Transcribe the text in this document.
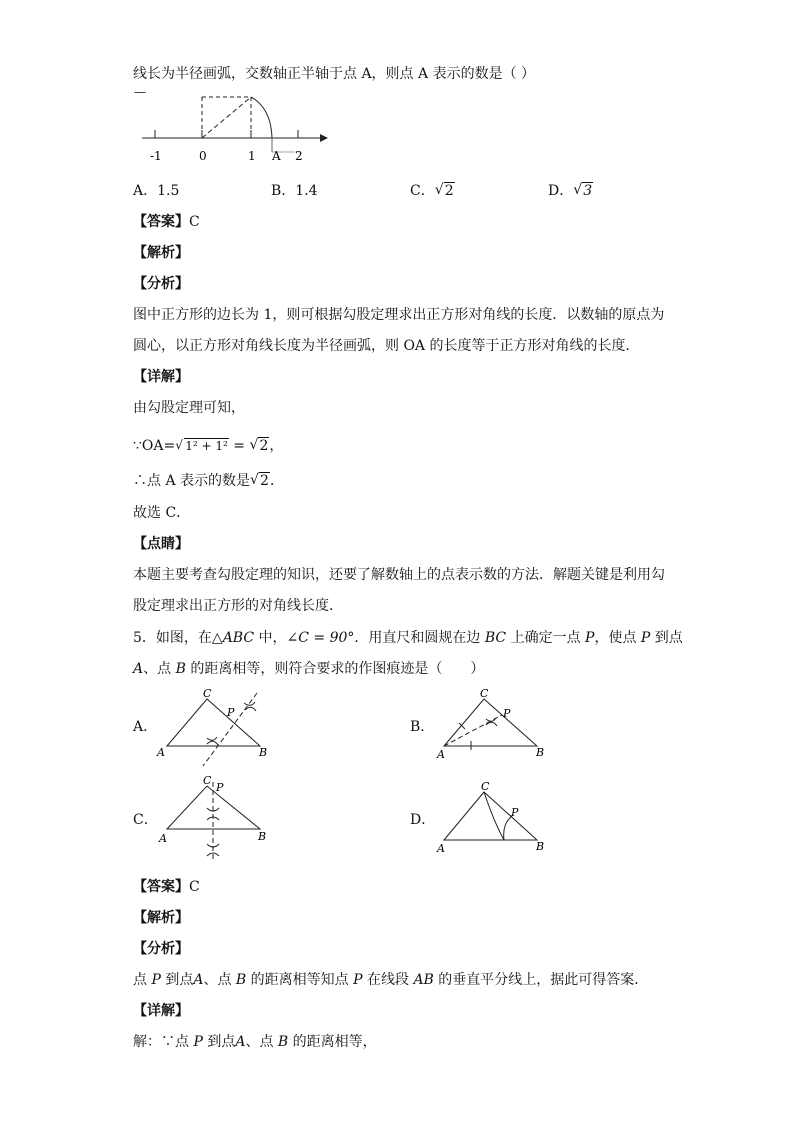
线长为半径画弧，交数轴正半轴于点 A，则点 A 表示的数是（ ）
—
-1	0	1 A 2
A．1.5	B．1.4	C． √ 2	D． √ 3
【答案】C
【解析】
【分析】
图中正方形的边长为 1，则可根据勾股定理求出正方形对角线的长度．以数轴的原点为
圆心，以正方形对角线长度为半径画弧，则 OA 的长度等于正方形对角线的长度．
【详解】
由勾股定理可知，
∵OA= √ 1² + 1² = √ 2，
∴点 A 表示的数是 √ 2．
故选 C．
【点睛】
本题主要考查勾股定理的知识，还要了解数轴上的点表示数的方法．解题关键是利用勾
股定理求出正方形的对角线长度．
5．如图，在△ABC 中，∠C = 90°．用直尺和圆规在边 BC 上确定一点 P，使点 P 到点
A、点 B 的距离相等，则符合要求的作图痕迹是（　　）
A．
A	B
C
P
B．
A	B
C
P
C．
A	B
C
P
D．
A	B
C
P
【答案】C
【解析】
【分析】
点 P 到点A、点 B 的距离相等知点 P 在线段 AB 的垂直平分线上，据此可得答案．
【详解】
解：∵点 P 到点A、点 B 的距离相等，
